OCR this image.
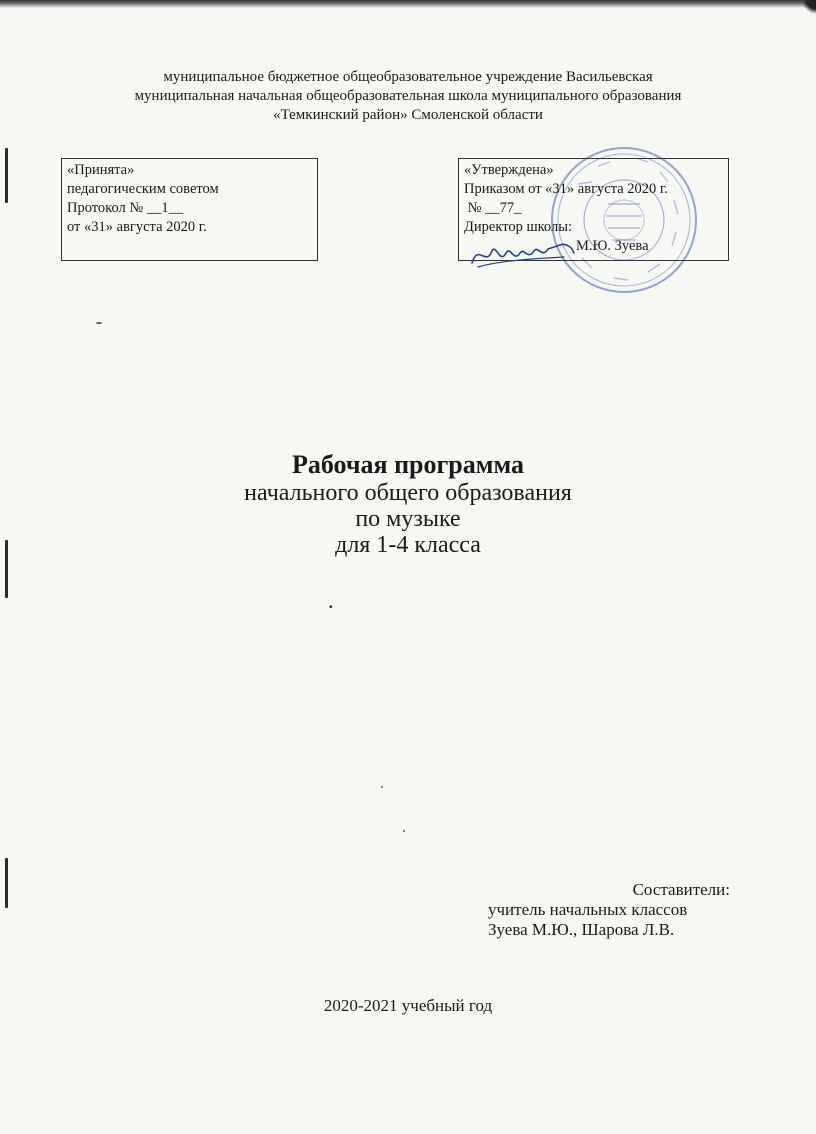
муниципальное бюджетное общеобразовательное учреждение Васильевская
муниципальная начальная общеобразовательная школа муниципального образования
«Темкинский район» Смоленской области
«Принята»
педагогическим советом
Протокол № __1__
от «31» августа 2020 г.
«Утверждена»
Приказом от «31» августа 2020 г.
№ __77_
Директор школы:
М.Ю. Зуева
Рабочая программа
начального общего образования
по музыке
для 1-4 класса
.
Составители:
учитель начальных классов
Зуева М.Ю., Шарова Л.В.
2020-2021 учебный год
